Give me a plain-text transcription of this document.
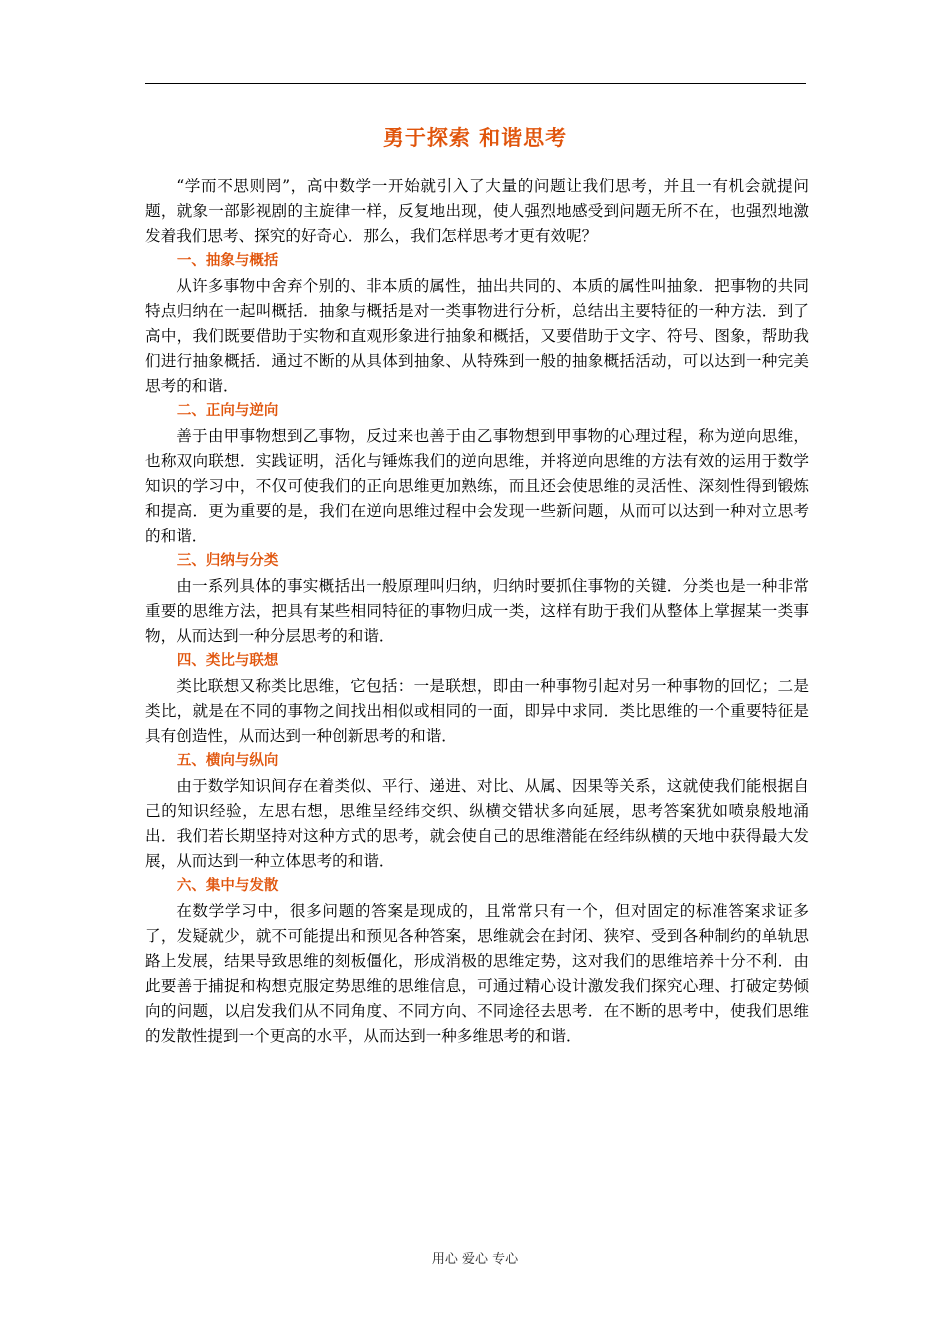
勇于探索 和谐思考

“学而不思则罔”，高中数学一开始就引入了大量的问题让我们思考，并且一有机会就提问题，就象一部影视剧的主旋律一样，反复地出现，使人强烈地感受到问题无所不在，也强烈地激发着我们思考、探究的好奇心．那么，我们怎样思考才更有效呢？

一、抽象与概括

从许多事物中舍弃个别的、非本质的属性，抽出共同的、本质的属性叫抽象．把事物的共同特点归纳在一起叫概括．抽象与概括是对一类事物进行分析，总结出主要特征的一种方法．到了高中，我们既要借助于实物和直观形象进行抽象和概括，又要借助于文字、符号、图象，帮助我们进行抽象概括．通过不断的从具体到抽象、从特殊到一般的抽象概括活动，可以达到一种完美思考的和谐．

二、正向与逆向

善于由甲事物想到乙事物，反过来也善于由乙事物想到甲事物的心理过程，称为逆向思维，也称双向联想．实践证明，活化与锤炼我们的逆向思维，并将逆向思维的方法有效的运用于数学知识的学习中，不仅可使我们的正向思维更加熟练，而且还会使思维的灵活性、深刻性得到锻炼和提高．更为重要的是，我们在逆向思维过程中会发现一些新问题，从而可以达到一种对立思考的和谐．

三、归纳与分类

由一系列具体的事实概括出一般原理叫归纳，归纳时要抓住事物的关键．分类也是一种非常重要的思维方法，把具有某些相同特征的事物归成一类，这样有助于我们从整体上掌握某一类事物，从而达到一种分层思考的和谐．

四、类比与联想

类比联想又称类比思维，它包括：一是联想，即由一种事物引起对另一种事物的回忆；二是类比，就是在不同的事物之间找出相似或相同的一面，即异中求同．类比思维的一个重要特征是具有创造性，从而达到一种创新思考的和谐．

五、横向与纵向

由于数学知识间存在着类似、平行、递进、对比、从属、因果等关系，这就使我们能根据自己的知识经验，左思右想，思维呈经纬交织、纵横交错状多向延展，思考答案犹如喷泉般地涌出．我们若长期坚持对这种方式的思考，就会使自己的思维潜能在经纬纵横的天地中获得最大发展，从而达到一种立体思考的和谐．

六、集中与发散

在数学学习中，很多问题的答案是现成的，且常常只有一个，但对固定的标准答案求证多了，发疑就少，就不可能提出和预见各种答案，思维就会在封闭、狭窄、受到各种制约的单轨思路上发展，结果导致思维的刻板僵化，形成消极的思维定势，这对我们的思维培养十分不利．由此要善于捕捉和构想克服定势思维的思维信息，可通过精心设计激发我们探究心理、打破定势倾向的问题，以启发我们从不同角度、不同方向、不同途径去思考．在不断的思考中，使我们思维的发散性提到一个更高的水平，从而达到一种多维思考的和谐．

用心 爱心 专心
